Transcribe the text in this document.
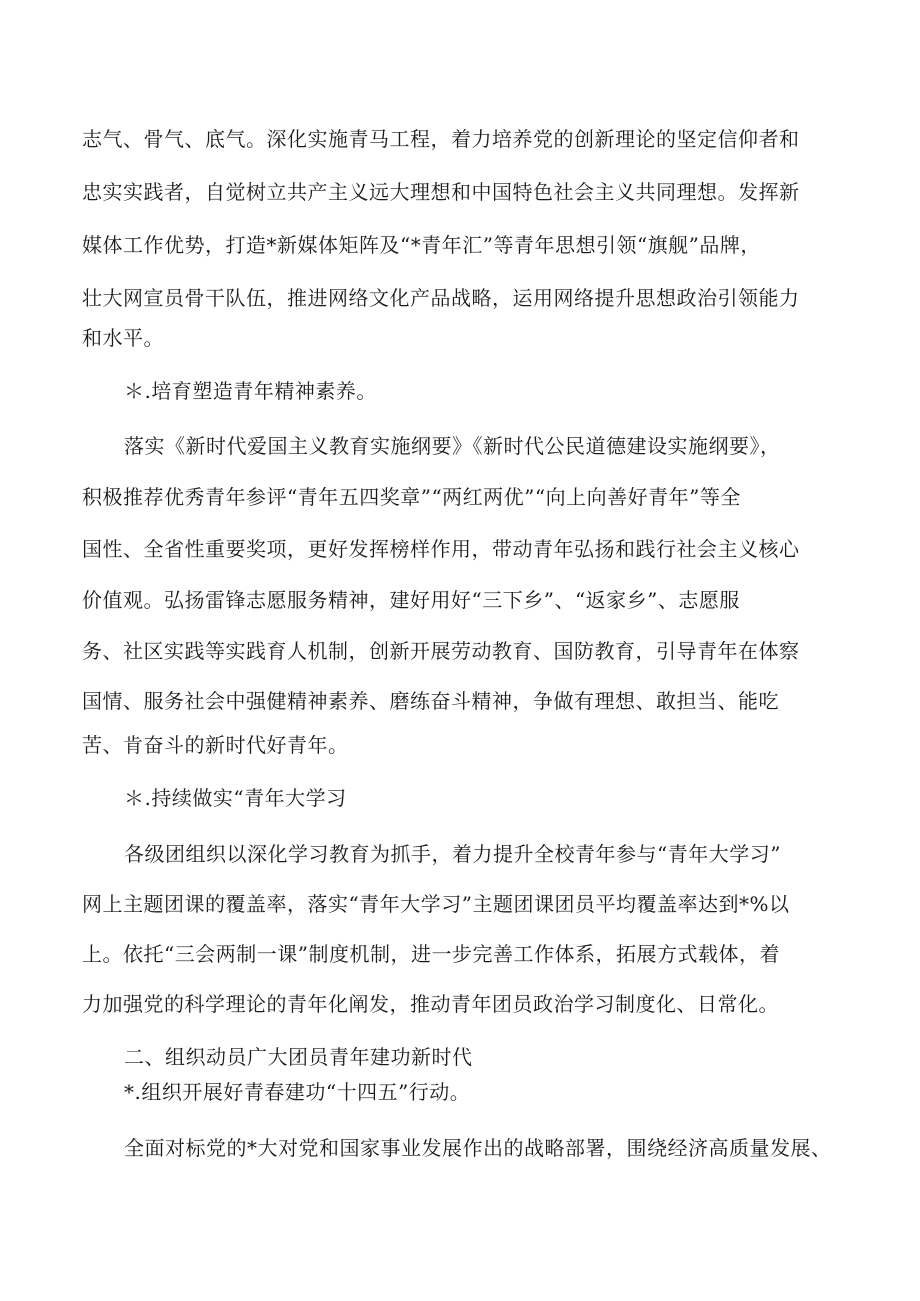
志气、骨气、底气。深化实施青马工程，着力培养党的创新理论的坚定信仰者和
忠实实践者，自觉树立共产主义远大理想和中国特色社会主义共同理想。发挥新
媒体工作优势，打造*新媒体矩阵及“*青年汇”等青年思想引领“旗舰”品牌，
壮大网宣员骨干队伍，推进网络文化产品战略，运用网络提升思想政治引领能力
和水平。
＊.培育塑造青年精神素养。
落实《新时代爱国主义教育实施纲要》《新时代公民道德建设实施纲要》，
积极推荐优秀青年参评“青年五四奖章”“两红两优”“向上向善好青年”等全
国性、全省性重要奖项，更好发挥榜样作用，带动青年弘扬和践行社会主义核心
价值观。弘扬雷锋志愿服务精神，建好用好“三下乡”、“返家乡”、志愿服
务、社区实践等实践育人机制，创新开展劳动教育、国防教育，引导青年在体察
国情、服务社会中强健精神素养、磨练奋斗精神，争做有理想、敢担当、能吃
苦、肯奋斗的新时代好青年。
＊.持续做实“青年大学习
各级团组织以深化学习教育为抓手，着力提升全校青年参与“青年大学习”
网上主题团课的覆盖率，落实“青年大学习”主题团课团员平均覆盖率达到*%以
上。依托“三会两制一课”制度机制，进一步完善工作体系，拓展方式载体，着
力加强党的科学理论的青年化阐发，推动青年团员政治学习制度化、日常化。
二、组织动员广大团员青年建功新时代
*.组织开展好青春建功“十四五”行动。
全面对标党的*大对党和国家事业发展作出的战略部署，围绕经济高质量发展、
